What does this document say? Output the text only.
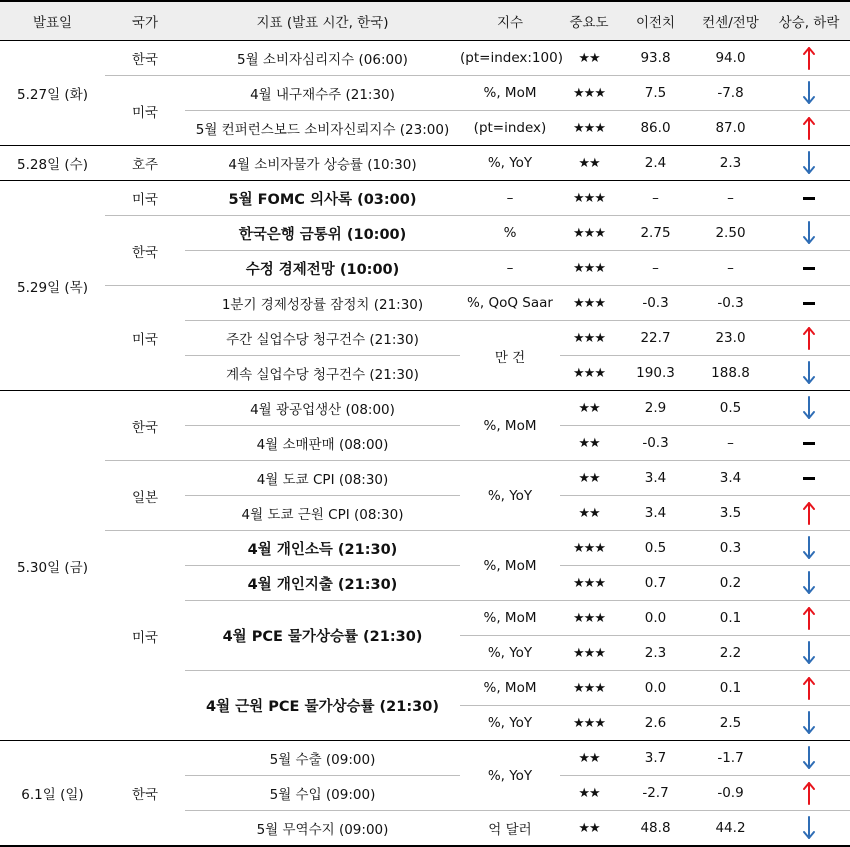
발표일	국가	지표 (발표 시간, 한국)	지수	중요도	이전치	컨센/전망	상승, 하락
5.27일 (화)	한국	5월 소비자심리지수 (06:00)	(pt=index:100)	★★	93.8	94.0	
	미국	4월 내구재수주 (21:30)	%, MoM	★★★	7.5	-7.8	
		5월 컨퍼런스보드 소비자신뢰지수 (23:00)	(pt=index)	★★★	86.0	87.0	
5.28일 (수)	호주	4월 소비자물가 상승률 (10:30)	%, YoY	★★	2.4	2.3	
5.29일 (목)	미국	5월 FOMC 의사록 (03:00)	–	★★★	–	–	
	한국	한국은행 금통위 (10:00)	%	★★★	2.75	2.50	
		수정 경제전망 (10:00)	–	★★★	–	–	
	미국	1분기 경제성장률 잠정치 (21:30)	%, QoQ Saar	★★★	-0.3	-0.3	
		주간 실업수당 청구건수 (21:30)	만 건	★★★	22.7	23.0	
		계속 실업수당 청구건수 (21:30)		★★★	190.3	188.8	
5.30일 (금)	한국	4월 광공업생산 (08:00)	%, MoM	★★	2.9	0.5	
		4월 소매판매 (08:00)		★★	-0.3	–	
	일본	4월 도쿄 CPI (08:30)	%, YoY	★★	3.4	3.4	
		4월 도쿄 근원 CPI (08:30)		★★	3.4	3.5	
	미국	4월 개인소득 (21:30)	%, MoM	★★★	0.5	0.3	
		4월 개인지출 (21:30)		★★★	0.7	0.2	
		4월 PCE 물가상승률 (21:30)	%, MoM	★★★	0.0	0.1	
			%, YoY	★★★	2.3	2.2	
		4월 근원 PCE 물가상승률 (21:30)	%, MoM	★★★	0.0	0.1	
			%, YoY	★★★	2.6	2.5	
6.1일 (일)	한국	5월 수출 (09:00)	%, YoY	★★	3.7	-1.7	
		5월 수입 (09:00)		★★	-2.7	-0.9	
		5월 무역수지 (09:00)	억 달러	★★	48.8	44.2	
